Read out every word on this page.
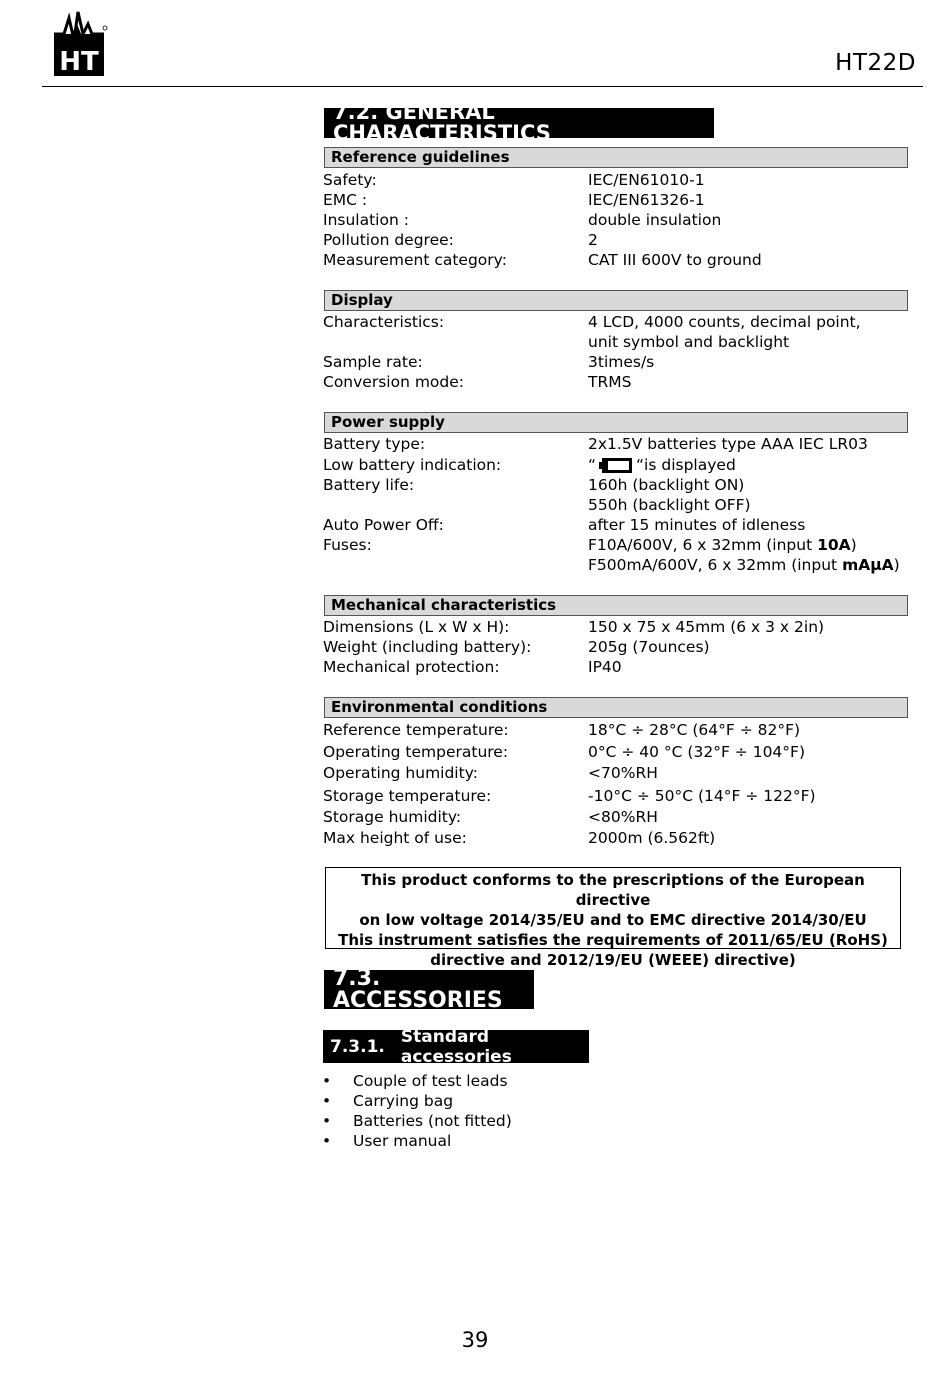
HT	HT22D
7.2. GENERAL CHARACTERISTICS
Reference guidelines
Safety:	IEC/EN61010-1
EMC :	IEC/EN61326-1
Insulation :	double insulation
Pollution degree:	2
Measurement category:	CAT III 600V to ground
Display
Characteristics:	4 LCD, 4000 counts, decimal point,
unit symbol and backlight
Sample rate:	3times/s
Conversion mode:	TRMS
Power supply
Battery type:	2x1.5V batteries type AAA IEC LR03
Low battery indication:	“	“is displayed
Battery life:	160h (backlight ON)
550h (backlight OFF)
Auto Power Off:	after 15 minutes of idleness
Fuses:	F10A/600V, 6 x 32mm (input 10A)
F500mA/600V, 6 x 32mm (input mAμA)
Mechanical characteristics
Dimensions (L x W x H):	150 x 75 x 45mm (6 x 3 x 2in)
Weight (including battery):	205g (7ounces)
Mechanical protection:	IP40
Environmental conditions
Reference temperature:	18°C ÷ 28°C (64°F ÷ 82°F)
Operating temperature:	0°C ÷ 40 °C (32°F ÷ 104°F)
Operating humidity:	<70%RH
Storage temperature:	-10°C ÷ 50°C (14°F ÷ 122°F)
Storage humidity:	<80%RH
Max height of use:	2000m (6.562ft)
This product conforms to the prescriptions of the European directive
on low voltage 2014/35/EU and to EMC directive 2014/30/EU
This instrument satisfies the requirements of 2011/65/EU (RoHS)
directive and 2012/19/EU (WEEE) directive)
7.3. ACCESSORIES
7.3.1. Standard accessories
• Couple of test leads
• Carrying bag
• Batteries (not fitted)
• User manual
39
